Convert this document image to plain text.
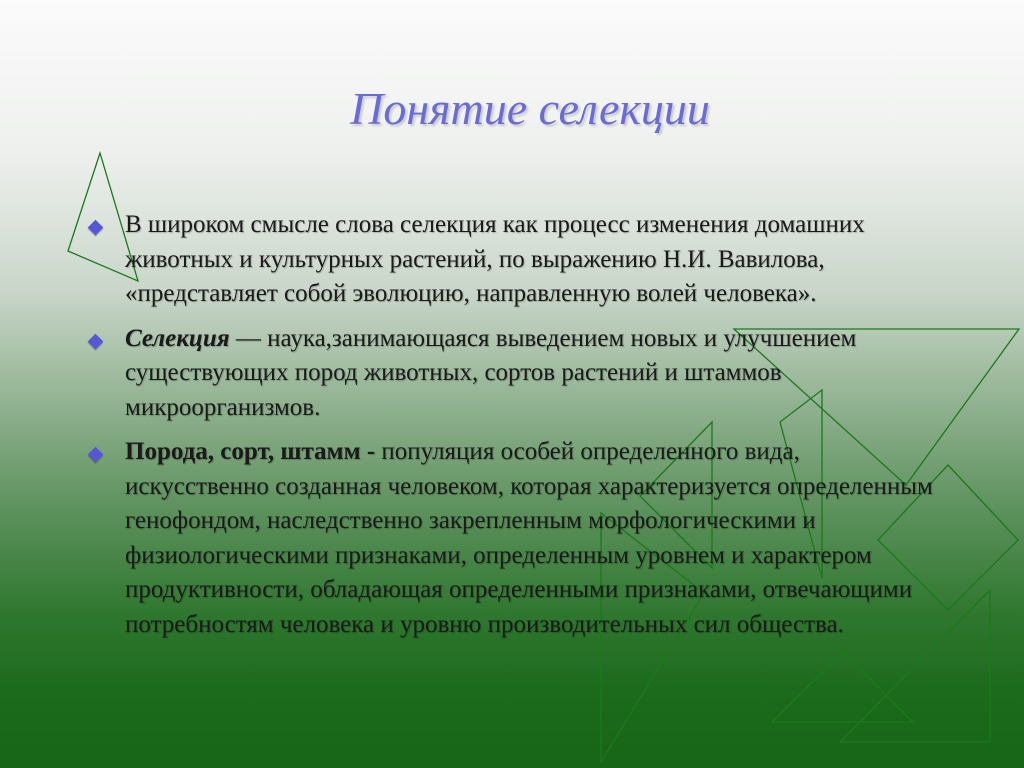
Понятие селекции
В широком смысле слова селекция как процесс изменения домашних животных и культурных растений, по выражению Н.И. Вавилова, «представляет собой эволюцию, направленную волей человека».
Селекция — наука,занимающаяся выведением новых и улучшением существующих пород животных, сортов растений и штаммов микроорганизмов.
Порода, сорт, штамм - популяция особей определенного вида, искусственно созданная человеком, которая характеризуется определенным генофондом, наследственно закрепленным морфологическими и физиологическими признаками, определенным уровнем и характером продуктивности, обладающая определенными признаками, отвечающими потребностям человека и уровню производительных сил общества.
